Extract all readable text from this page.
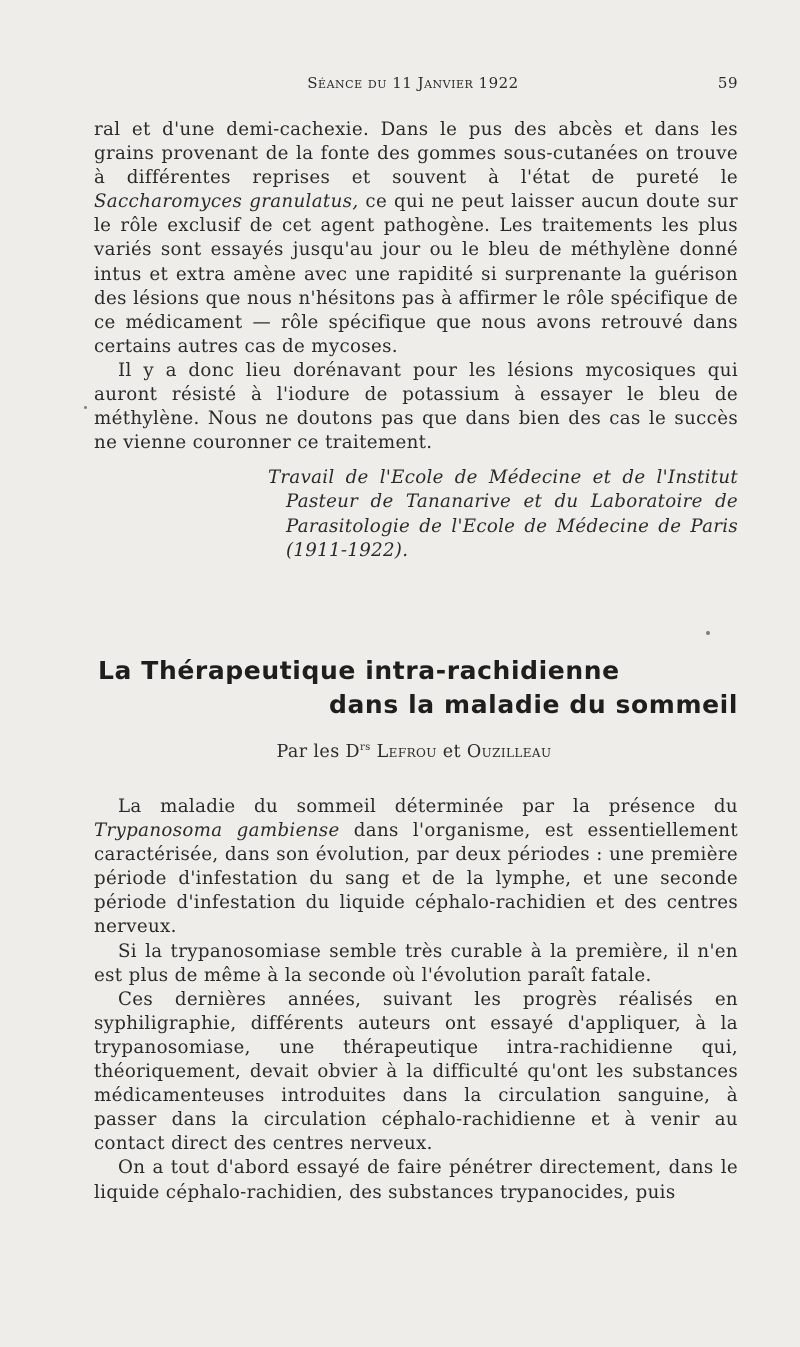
Séance du 11 Janvier 1922	59

ral et d'une demi-cachexie. Dans le pus des abcès et dans les grains provenant de la fonte des gommes sous-cutanées on trouve à différentes reprises et souvent à l'état de pureté le Saccharomyces granulatus, ce qui ne peut laisser aucun doute sur le rôle exclusif de cet agent pathogène. Les traitements les plus variés sont essayés jusqu'au jour ou le bleu de méthylène donné intus et extra amène avec une rapidité si surprenante la guérison des lésions que nous n'hésitons pas à affirmer le rôle spécifique de ce médicament — rôle spécifique que nous avons retrouvé dans certains autres cas de mycoses.

Il y a donc lieu dorénavant pour les lésions mycosiques qui auront résisté à l'iodure de potassium à essayer le bleu de méthylène. Nous ne doutons pas que dans bien des cas le succès ne vienne couronner ce traitement.

Travail de l'Ecole de Médecine et de l'Institut
Pasteur de Tananarive et du Laboratoire de
Parasitologie de l'Ecole de Médecine de Paris
(1911-1922).
La Thérapeutique intra-rachidienne
dans la maladie du sommeil
Par les $D^{rs}$ Lefrou et Ouzilleau

La maladie du sommeil déterminée par la présence du Trypanosoma gambiense dans l'organisme, est essentiellement caractérisée, dans son évolution, par deux périodes : une première période d'infestation du sang et de la lymphe, et une seconde période d'infestation du liquide céphalo-rachidien et des centres nerveux.

Si la trypanosomiase semble très curable à la première, il n'en est plus de même à la seconde où l'évolution paraît fatale.

Ces dernières années, suivant les progrès réalisés en syphiligraphie, différents auteurs ont essayé d'appliquer, à la trypanosomiase, une thérapeutique intra-rachidienne qui, théoriquement, devait obvier à la difficulté qu'ont les substances médicamenteuses introduites dans la circulation sanguine, à passer dans la circulation céphalo-rachidienne et à venir au contact direct des centres nerveux.

On a tout d'abord essayé de faire pénétrer directement, dans le liquide céphalo-rachidien, des substances trypanocides, puis
